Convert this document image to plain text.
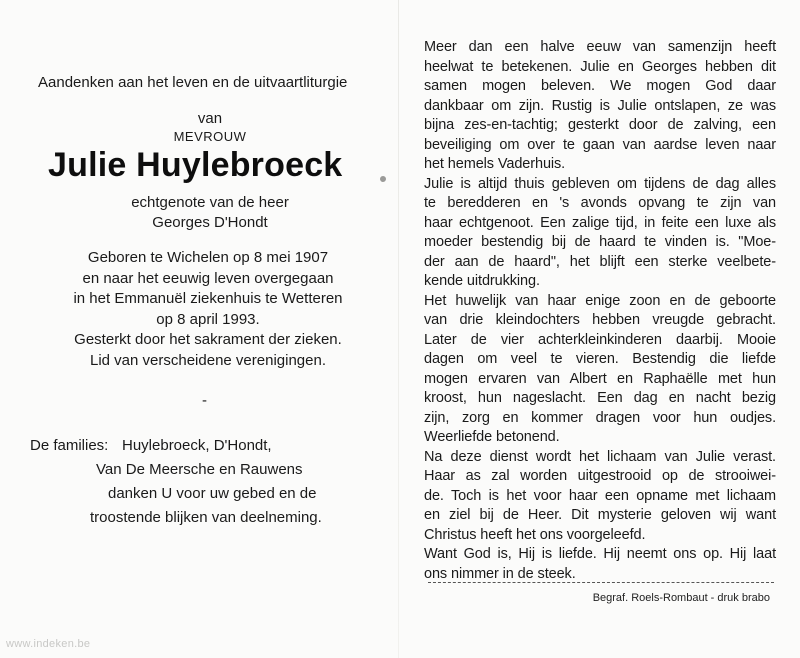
Aandenken aan het leven en de uitvaartliturgie
van
MEVROUW
Julie Huylebroeck
echtgenote van de heer
Georges D'Hondt
Geboren te Wichelen op 8 mei 1907
en naar het eeuwig leven overgegaan
in het Emmanuël ziekenhuis te Wetteren
op 8 april 1993.
Gesterkt door het sakrament der zieken.
Lid van verscheidene verenigingen.
-
De families: Huylebroeck, D'Hondt,
Van De Meersche en Rauwens
danken U voor uw gebed en de
troostende blijken van deelneming.
Meer dan een halve eeuw van samenzijn heeft
heelwat te betekenen. Julie en Georges hebben dit
samen mogen beleven. We mogen God daar
dankbaar om zijn. Rustig is Julie ontslapen, ze was
bijna zes-en-tachtig; gesterkt door de zalving, een
beveiliging om over te gaan van aardse leven naar
het hemels Vaderhuis.
Julie is altijd thuis gebleven om tijdens de dag alles
te beredderen en 's avonds opvang te zijn van
haar echtgenoot. Een zalige tijd, in feite een luxe als
moeder bestendig bij de haard te vinden is. "Moe-
der aan de haard", het blijft een sterke veelbete-
kende uitdrukking.
Het huwelijk van haar enige zoon en de geboorte
van drie kleindochters hebben vreugde gebracht.
Later de vier achterkleinkinderen daarbij. Mooie
dagen om veel te vieren. Bestendig die liefde
mogen ervaren van Albert en Raphaëlle met hun
kroost, hun nageslacht. Een dag en nacht bezig
zijn, zorg en kommer dragen voor hun oudjes.
Weerliefde betonend.
Na deze dienst wordt het lichaam van Julie verast.
Haar as zal worden uitgestrooid op de strooiwei-
de. Toch is het voor haar een opname met lichaam
en ziel bij de Heer. Dit mysterie geloven wij want
Christus heeft het ons voorgeleefd.
Want God is, Hij is liefde. Hij neemt ons op. Hij laat
ons nimmer in de steek.
Begraf. Roels-Rombaut - druk brabo
www.indeken.be
